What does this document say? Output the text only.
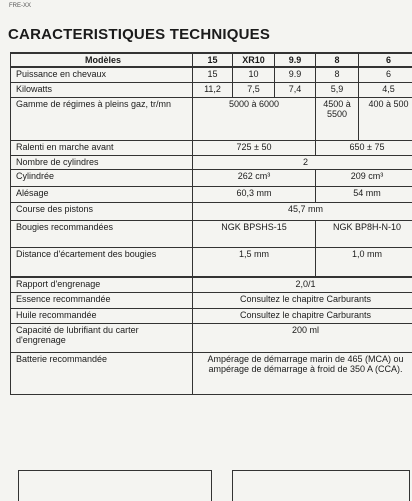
FRE-XX
CARACTERISTIQUES TECHNIQUES
Modèles	15	XR10	9.9	8	6
Puissance en chevaux	15	10	9.9	8	6
Kilowatts	11,2	7,5	7,4	5,9	4,5
Gamme de régimes à pleins gaz, tr/mn	5000 à 6000			4500 à 5500	400 à 500
Ralenti en marche avant	725 ± 50			650 ± 75	
Nombre de cylindres	2				
Cylindrée	262 cm³			209 cm³	
Alésage	60,3 mm			54 mm	
Course des pistons	45,7 mm				
Bougies recommandées	NGK BPSHS-15			NGK BP8H-N-10	
Distance d'écartement des bougies	1,5 mm			1,0 mm	
Rapport d'engrenage	2,0/1				
Essence recommandée	Consultez le chapitre Carburants				
Huile recommandée	Consultez le chapitre Carburants				
Capacité de lubrifiant du carter d'engrenage	200 ml				
Batterie recommandée	Ampérage de démarrage marin de 465 (MCA) ou ampérage de démarrage à froid de 350 A (CCA).				
